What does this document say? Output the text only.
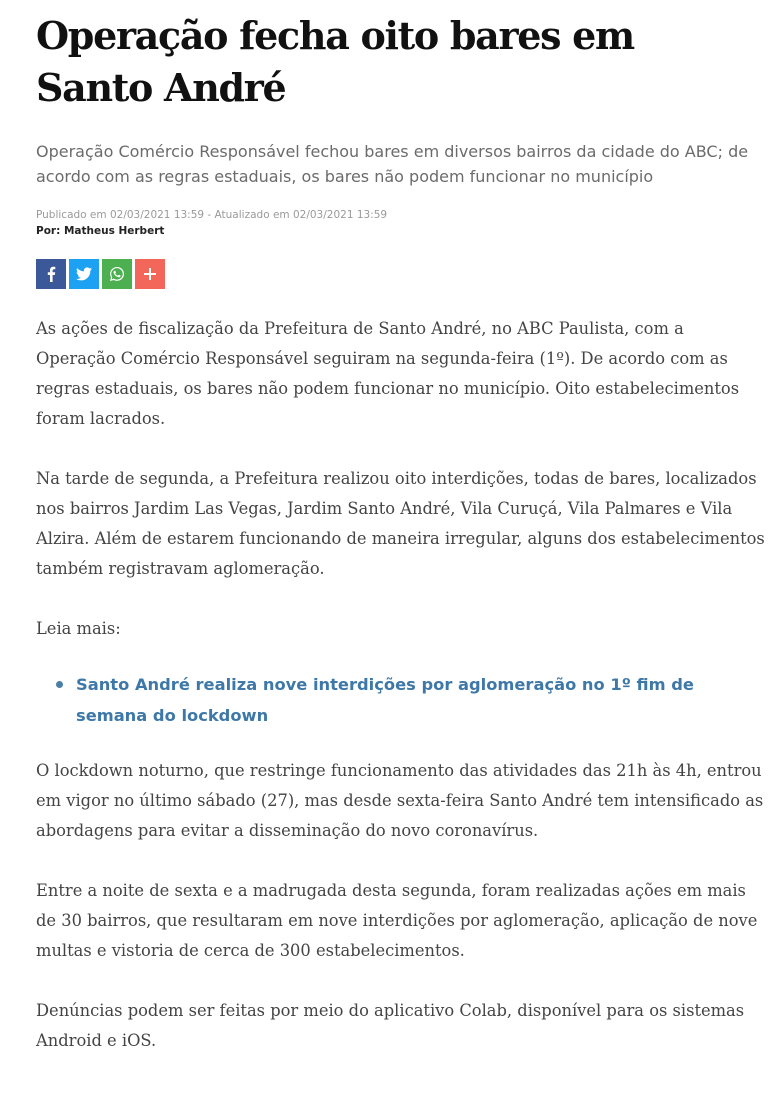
Operação fecha oito bares em Santo André

Operação Comércio Responsável fechou bares em diversos bairros da cidade do ABC; de acordo com as regras estaduais, os bares não podem funcionar no município

Publicado em 02/03/2021 13:59 - Atualizado em 02/03/2021 13:59
Por: Matheus Herbert

As ações de fiscalização da Prefeitura de Santo André, no ABC Paulista, com a Operação Comércio Responsável seguiram na segunda-feira (1º). De acordo com as regras estaduais, os bares não podem funcionar no município. Oito estabelecimentos foram lacrados.

Na tarde de segunda, a Prefeitura realizou oito interdições, todas de bares, localizados nos bairros Jardim Las Vegas, Jardim Santo André, Vila Curuçá, Vila Palmares e Vila Alzira. Além de estarem funcionando de maneira irregular, alguns dos estabelecimentos também registravam aglomeração.

Leia mais:

Santo André realiza nove interdições por aglomeração no 1º fim de semana do lockdown

O lockdown noturno, que restringe funcionamento das atividades das 21h às 4h, entrou em vigor no último sábado (27), mas desde sexta-feira Santo André tem intensificado as abordagens para evitar a disseminação do novo coronavírus.

Entre a noite de sexta e a madrugada desta segunda, foram realizadas ações em mais de 30 bairros, que resultaram em nove interdições por aglomeração, aplicação de nove multas e vistoria de cerca de 300 estabelecimentos.

Denúncias podem ser feitas por meio do aplicativo Colab, disponível para os sistemas Android e iOS.
